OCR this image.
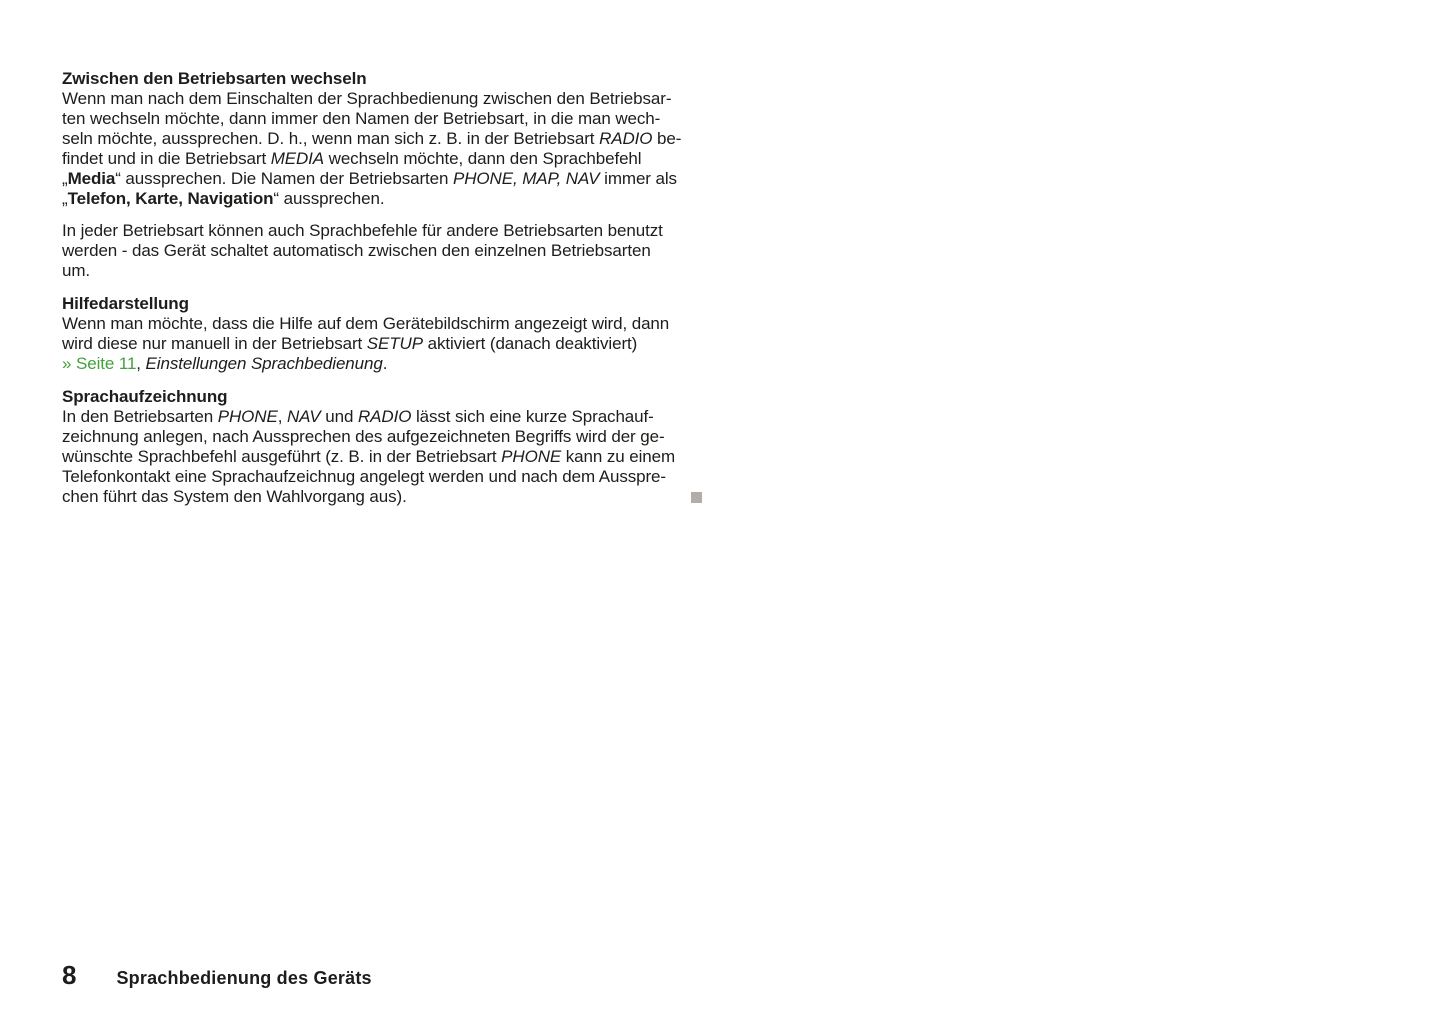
Zwischen den Betriebsarten wechseln
Wenn man nach dem Einschalten der Sprachbedienung zwischen den Betriebsar-
ten wechseln möchte, dann immer den Namen der Betriebsart, in die man wech-
seln möchte, aussprechen. D. h., wenn man sich z. B. in der Betriebsart RADIO be-
findet und in die Betriebsart MEDIA wechseln möchte, dann den Sprachbefehl
„Media“ aussprechen. Die Namen der Betriebsarten PHONE, MAP, NAV immer als
„Telefon, Karte, Navigation“ aussprechen.
In jeder Betriebsart können auch Sprachbefehle für andere Betriebsarten benutzt
werden - das Gerät schaltet automatisch zwischen den einzelnen Betriebsarten
um.
Hilfedarstellung
Wenn man möchte, dass die Hilfe auf dem Gerätebildschirm angezeigt wird, dann
wird diese nur manuell in der Betriebsart SETUP aktiviert (danach deaktiviert)
» Seite 11, Einstellungen Sprachbedienung.
Sprachaufzeichnung
In den Betriebsarten PHONE, NAV und RADIO lässt sich eine kurze Sprachauf-
zeichnung anlegen, nach Aussprechen des aufgezeichneten Begriffs wird der ge-
wünschte Sprachbefehl ausgeführt (z. B. in der Betriebsart PHONE kann zu einem
Telefonkontakt eine Sprachaufzeichnug angelegt werden und nach dem Ausspre-
chen führt das System den Wahlvorgang aus).
8 Sprachbedienung des Geräts
